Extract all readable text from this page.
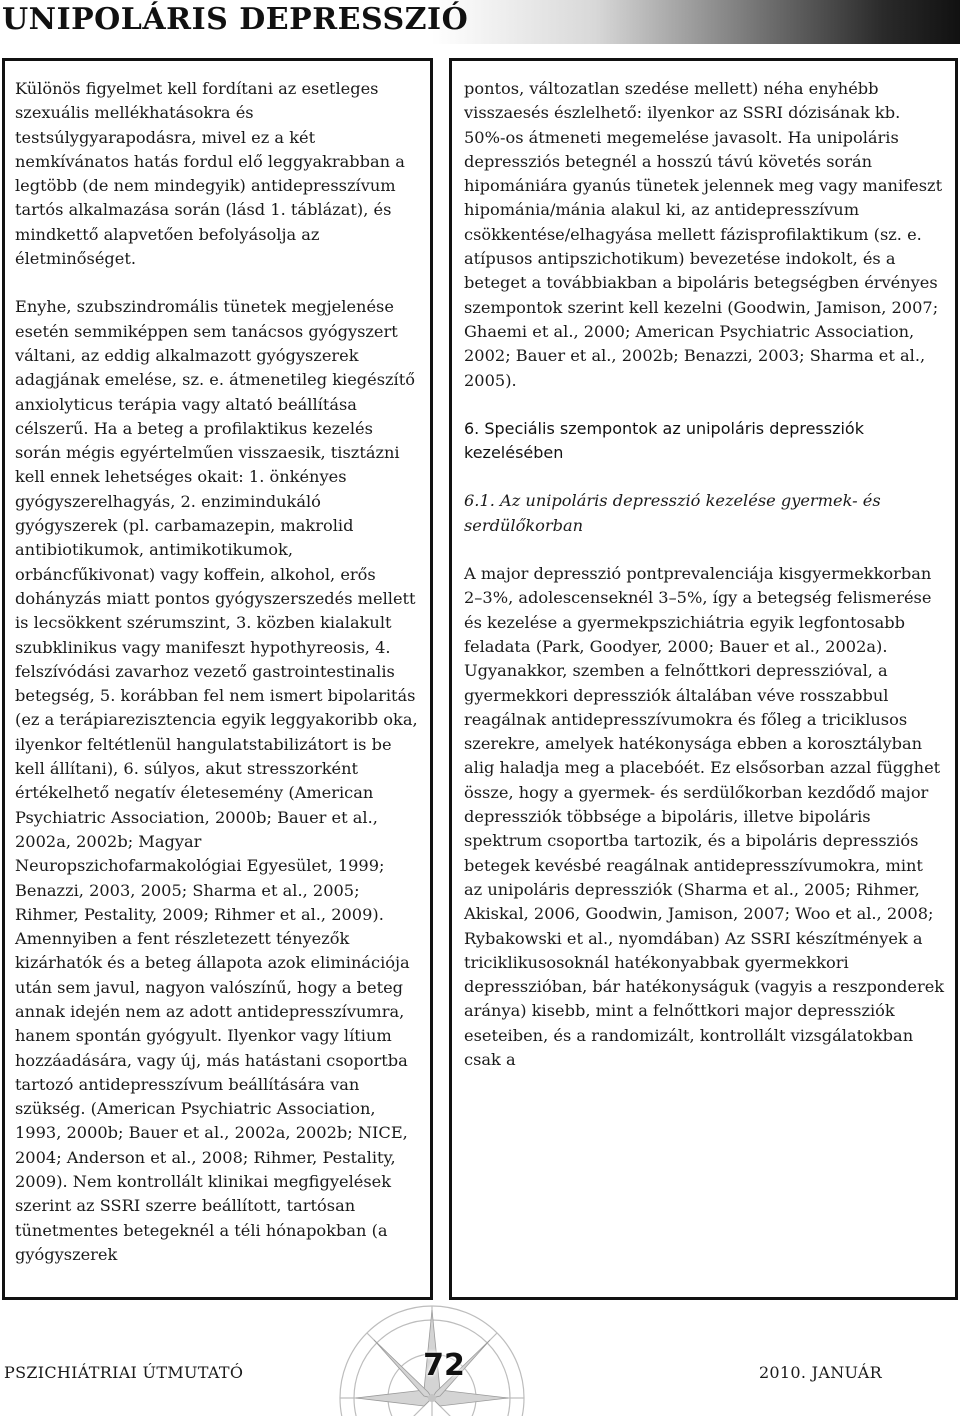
UNIPOLÁRIS DEPRESSZIÓ

Különös figyelmet kell fordítani az esetleges szexuális mellékhatásokra és testsúlygyarapodásra, mivel ez a két nemkívánatos hatás fordul elő leggyakrabban a legtöbb (de nem mindegyik) antidepresszívum tartós alkalmazása során (lásd 1. táblázat), és mindkettő alapvetően befolyásolja az életminőséget.

Enyhe, szubszindromális tünetek megjelenése esetén semmiképpen sem tanácsos gyógyszert váltani, az eddig alkalmazott gyógyszerek adagjának emelése, sz. e. átmenetileg kiegészítő anxiolyticus terápia vagy altató beállítása célszerű. Ha a beteg a profilaktikus kezelés során mégis egyértelműen visszaesik, tisztázni kell ennek lehetséges okait: 1. önkényes gyógyszerelhagyás, 2. enzimindukáló gyógyszerek (pl. carbamazepin, makrolid antibiotikumok, antimikotikumok, orbáncfűkivonat) vagy koffein, alkohol, erős dohányzás miatt pontos gyógyszerszedés mellett is lecsökkent szérumszint, 3. közben kialakult szubklinikus vagy manifeszt hypothyreosis, 4. felszívódási zavarhoz vezető gastrointestinalis betegség, 5. korábban fel nem ismert bipolaritás (ez a terápiarezisztencia egyik leggyakoribb oka, ilyenkor feltétlenül hangulatstabilizátort is be kell állítani), 6. súlyos, akut stresszorként értékelhető negatív életesemény (American Psychiatric Association, 2000b; Bauer et al., 2002a, 2002b; Magyar Neuropszichofarmakológiai Egyesület, 1999; Benazzi, 2003, 2005; Sharma et al., 2005; Rihmer, Pestality, 2009; Rihmer et al., 2009). Amennyiben a fent részletezett tényezők kizárhatók és a beteg állapota azok eliminációja után sem javul, nagyon valószínű, hogy a beteg annak idején nem az adott antidepresszívumra, hanem spontán gyógyult. Ilyenkor vagy lítium hozzáadására, vagy új, más hatástani csoportba tartozó antidepresszívum beállítására van szükség. (American Psychiatric Association, 1993, 2000b; Bauer et al., 2002a, 2002b; NICE, 2004; Anderson et al., 2008; Rihmer, Pestality, 2009). Nem kontrollált klinikai megfigyelések szerint az SSRI szerre beállított, tartósan tünetmentes betegeknél a téli hónapokban (a gyógyszerek

pontos, változatlan szedése mellett) néha enyhébb visszaesés észlelhető: ilyenkor az SSRI dózisának kb. 50%-os átmeneti megemelése javasolt. Ha unipoláris depressziós betegnél a hosszú távú követés során hipomániára gyanús tünetek jelennek meg vagy manifeszt hipománia/mánia alakul ki, az antidepresszívum csökkentése/elhagyása mellett fázisprofilaktikum (sz. e. atípusos antipszichotikum) bevezetése indokolt, és a beteget a továbbiakban a bipoláris betegségben érvényes szempontok szerint kell kezelni (Goodwin, Jamison, 2007; Ghaemi et al., 2000; American Psychiatric Association, 2002; Bauer et al., 2002b; Benazzi, 2003; Sharma et al., 2005).

6. Speciális szempontok az unipoláris depressziók kezelésében

6.1. Az unipoláris depresszió kezelése gyermek- és serdülőkorban

A major depresszió pontprevalenciája kisgyermekkorban 2–3%, adolescenseknél 3–5%, így a betegség felismerése és kezelése a gyermekpszichiátria egyik legfontosabb feladata (Park, Goodyer, 2000; Bauer et al., 2002a). Ugyanakkor, szemben a felnőttkori depresszióval, a gyermekkori depressziók általában véve rosszabbul reagálnak antidepresszívumokra és főleg a triciklusos szerekre, amelyek hatékonysága ebben a korosztályban alig haladja meg a placebóét. Ez elsősorban azzal függhet össze, hogy a gyermek- és serdülőkorban kezdődő major depressziók többsége a bipoláris, illetve bipoláris spektrum csoportba tartozik, és a bipoláris depressziós betegek kevésbé reagálnak antidepresszívumokra, mint az unipoláris depressziók (Sharma et al., 2005; Rihmer, Akiskal, 2006, Goodwin, Jamison, 2007; Woo et al., 2008; Rybakowski et al., nyomdában) Az SSRI készítmények a triciklikusosoknál hatékonyabbak gyermekkori depresszióban, bár hatékonyságuk (vagyis a reszponderek aránya) kisebb, mint a felnőttkori major depressziók eseteiben, és a randomizált, kontrollált vizsgálatokban csak a

PSZICHIÁTRIAI ÚTMUTATÓ	72	2010. JANUÁR
